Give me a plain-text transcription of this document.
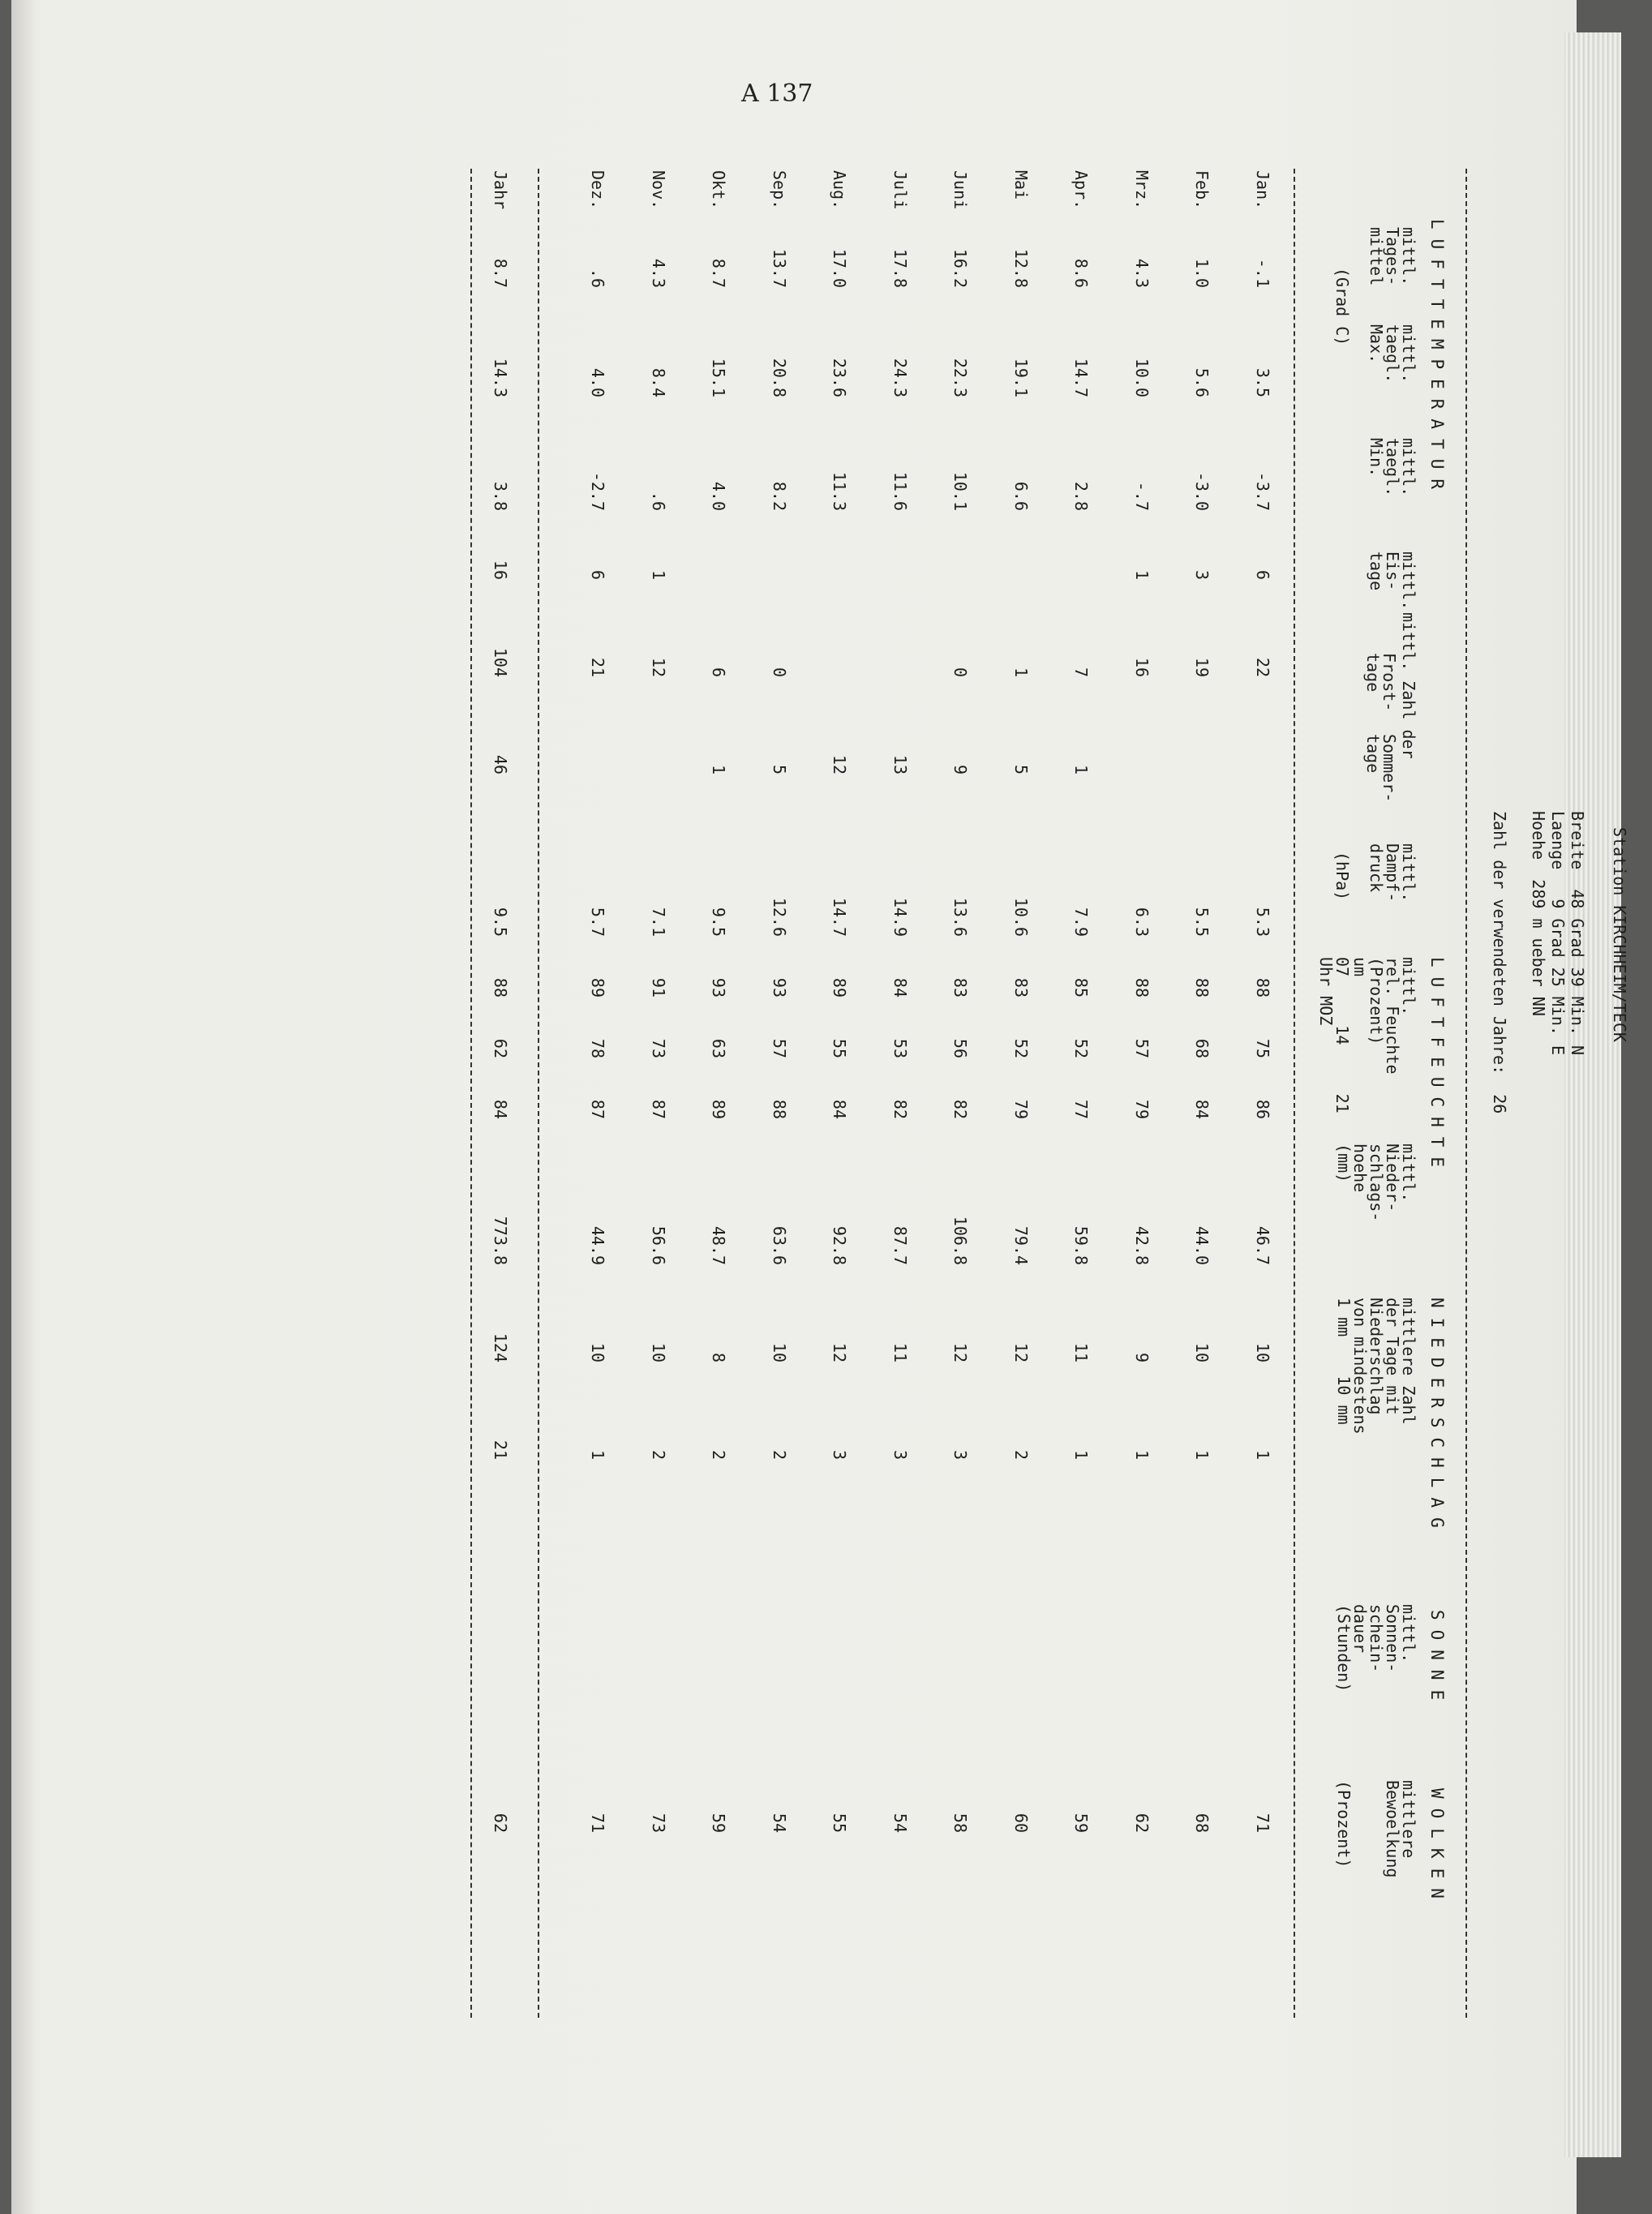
A 137
Station KIRCHHEIM/TECK
Breite  48 Grad 39 Min. N
Laenge   9 Grad 25 Min. E
Hoehe  289 m ueber NN
Zahl der verwendeten Jahre:  26
LUFTTEMPERATUR
LUFTFEUCHTE
NIEDERSCHLAG
SONNE
WOLKEN
mittl.
Tages-
mittel
mittl.
taegl.
Max.
mittl.
taegl.
Min.
(Grad C)
mittl.
Eis-
tage
mittl. Zahl der
Frost-
tage
Sommer-
tage
mittl.
Dampf-
druck
(hPa)
mittl.
rel. Feuchte
(Prozent)
um
07     14     21
Uhr MOZ
mittl.
Nieder-
schlags-
hoehe
(mm)
mittlere Zahl
der Tage mit
Niederschlag
von mindestens
1 mm    10 mm
mittl.
Sonnen-
schein-
dauer
(Stunden)
mittlere
Bewoelkung

(Prozent)
Jan.
-.1
3.5
-3.7
6
22
5.3
88
75
86
46.7
10
1
71
Feb.
1.0
5.6
-3.0
3
19
5.5
88
68
84
44.0
10
1
68
Mrz.
4.3
10.0
-.7
1
16
6.3
88
57
79
42.8
9
1
62
Apr.
8.6
14.7
2.8
7
1
7.9
85
52
77
59.8
11
1
59
Mai
12.8
19.1
6.6
1
5
10.6
83
52
79
79.4
12
2
60
Juni
16.2
22.3
10.1
0
9
13.6
83
56
82
106.8
12
3
58
Juli
17.8
24.3
11.6
13
14.9
84
53
82
87.7
11
3
54
Aug.
17.0
23.6
11.3
12
14.7
89
55
84
92.8
12
3
55
Sep.
13.7
20.8
8.2
0
5
12.6
93
57
88
63.6
10
2
54
Okt.
8.7
15.1
4.0
6
1
9.5
93
63
89
48.7
8
2
59
Nov.
4.3
8.4
.6
1
12
7.1
91
73
87
56.6
10
2
73
Dez.
.6
4.0
-2.7
6
21
5.7
89
78
87
44.9
10
1
71
Jahr
8.7
14.3
3.8
16
104
46
9.5
88
62
84
773.8
124
21
62
